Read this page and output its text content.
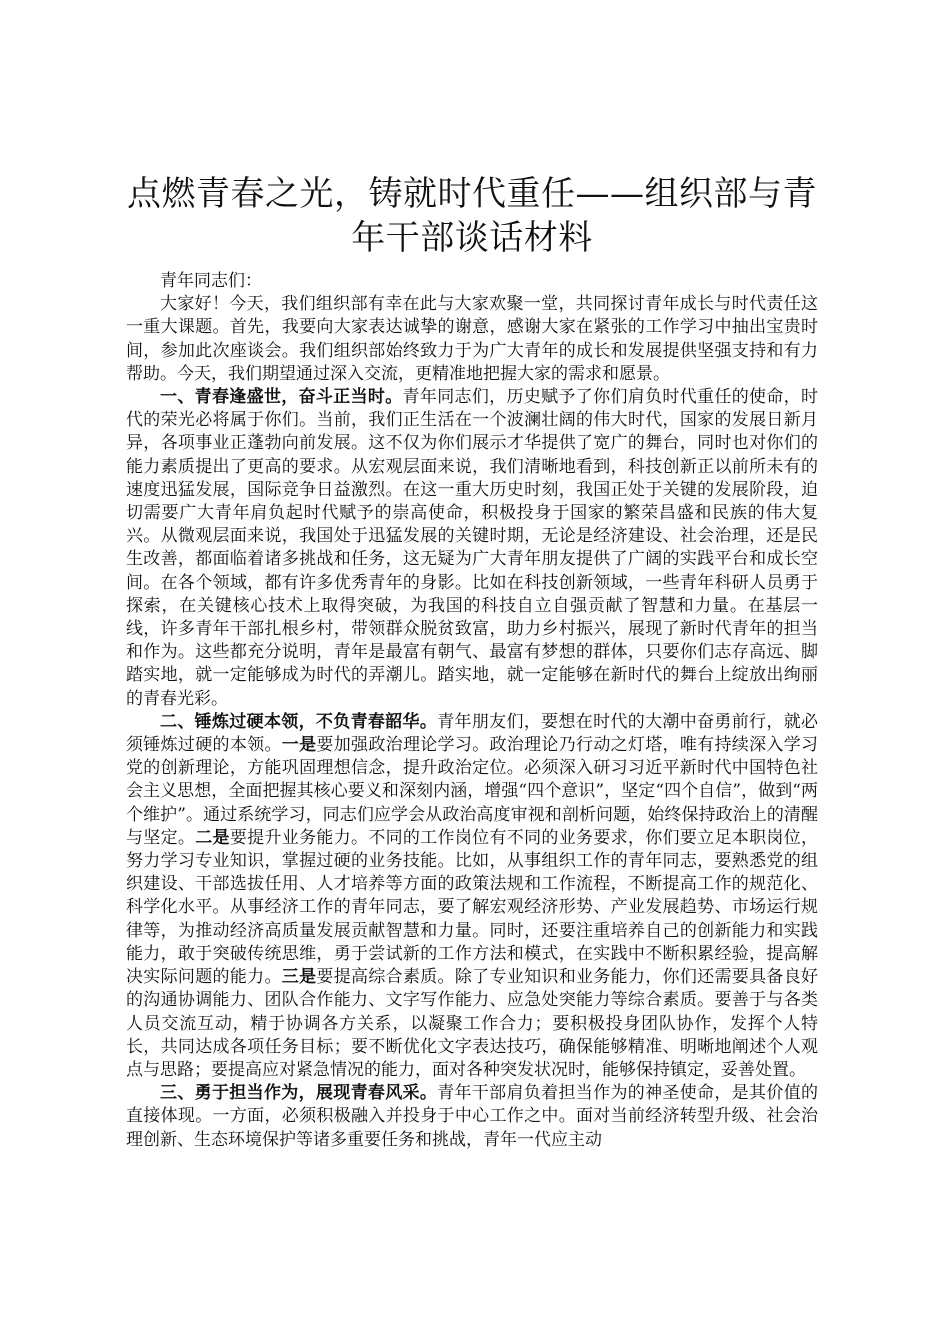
点燃青春之光，铸就时代重任——组织部与青年干部谈话材料

青年同志们：

大家好！今天，我们组织部有幸在此与大家欢聚一堂，共同探讨青年成长与时代责任这一重大课题。首先，我要向大家表达诚挚的谢意，感谢大家在紧张的工作学习中抽出宝贵时间，参加此次座谈会。我们组织部始终致力于为广大青年的成长和发展提供坚强支持和有力帮助。今天，我们期望通过深入交流，更精准地把握大家的需求和愿景。

一、青春逢盛世，奋斗正当时。青年同志们，历史赋予了你们肩负时代重任的使命，时代的荣光必将属于你们。当前，我们正生活在一个波澜壮阔的伟大时代，国家的发展日新月异，各项事业正蓬勃向前发展。这不仅为你们展示才华提供了宽广的舞台，同时也对你们的能力素质提出了更高的要求。从宏观层面来说，我们清晰地看到，科技创新正以前所未有的速度迅猛发展，国际竞争日益激烈。在这一重大历史时刻，我国正处于关键的发展阶段，迫切需要广大青年肩负起时代赋予的崇高使命，积极投身于国家的繁荣昌盛和民族的伟大复兴。从微观层面来说，我国处于迅猛发展的关键时期，无论是经济建设、社会治理，还是民生改善，都面临着诸多挑战和任务，这无疑为广大青年朋友提供了广阔的实践平台和成长空间。在各个领域，都有许多优秀青年的身影。比如在科技创新领域，一些青年科研人员勇于探索，在关键核心技术上取得突破，为我国的科技自立自强贡献了智慧和力量。在基层一线，许多青年干部扎根乡村，带领群众脱贫致富，助力乡村振兴，展现了新时代青年的担当和作为。这些都充分说明，青年是最富有朝气、最富有梦想的群体，只要你们志存高远、脚踏实地，就一定能够成为时代的弄潮儿。踏实地，就一定能够在新时代的舞台上绽放出绚丽的青春光彩。

二、锤炼过硬本领，不负青春韶华。青年朋友们，要想在时代的大潮中奋勇前行，就必须锤炼过硬的本领。一是要加强政治理论学习。政治理论乃行动之灯塔，唯有持续深入学习党的创新理论，方能巩固理想信念，提升政治定位。必须深入研习习近平新时代中国特色社会主义思想，全面把握其核心要义和深刻内涵，增强“四个意识”，坚定“四个自信”，做到“两个维护”。通过系统学习，同志们应学会从政治高度审视和剖析问题，始终保持政治上的清醒与坚定。二是要提升业务能力。不同的工作岗位有不同的业务要求，你们要立足本职岗位，努力学习专业知识，掌握过硬的业务技能。比如，从事组织工作的青年同志，要熟悉党的组织建设、干部选拔任用、人才培养等方面的政策法规和工作流程，不断提高工作的规范化、科学化水平。从事经济工作的青年同志，要了解宏观经济形势、产业发展趋势、市场运行规律等，为推动经济高质量发展贡献智慧和力量。同时，还要注重培养自己的创新能力和实践能力，敢于突破传统思维，勇于尝试新的工作方法和模式，在实践中不断积累经验，提高解决实际问题的能力。三是要提高综合素质。除了专业知识和业务能力，你们还需要具备良好的沟通协调能力、团队合作能力、文字写作能力、应急处突能力等综合素质。要善于与各类人员交流互动，精于协调各方关系，以凝聚工作合力；要积极投身团队协作，发挥个人特长，共同达成各项任务目标；要不断优化文字表达技巧，确保能够精准、明晰地阐述个人观点与思路；要提高应对紧急情况的能力，面对各种突发状况时，能够保持镇定，妥善处置。

三、勇于担当作为，展现青春风采。青年干部肩负着担当作为的神圣使命，是其价值的直接体现。一方面，必须积极融入并投身于中心工作之中。面对当前经济转型升级、社会治理创新、生态环境保护等诸多重要任务和挑战，青年一代应主动
